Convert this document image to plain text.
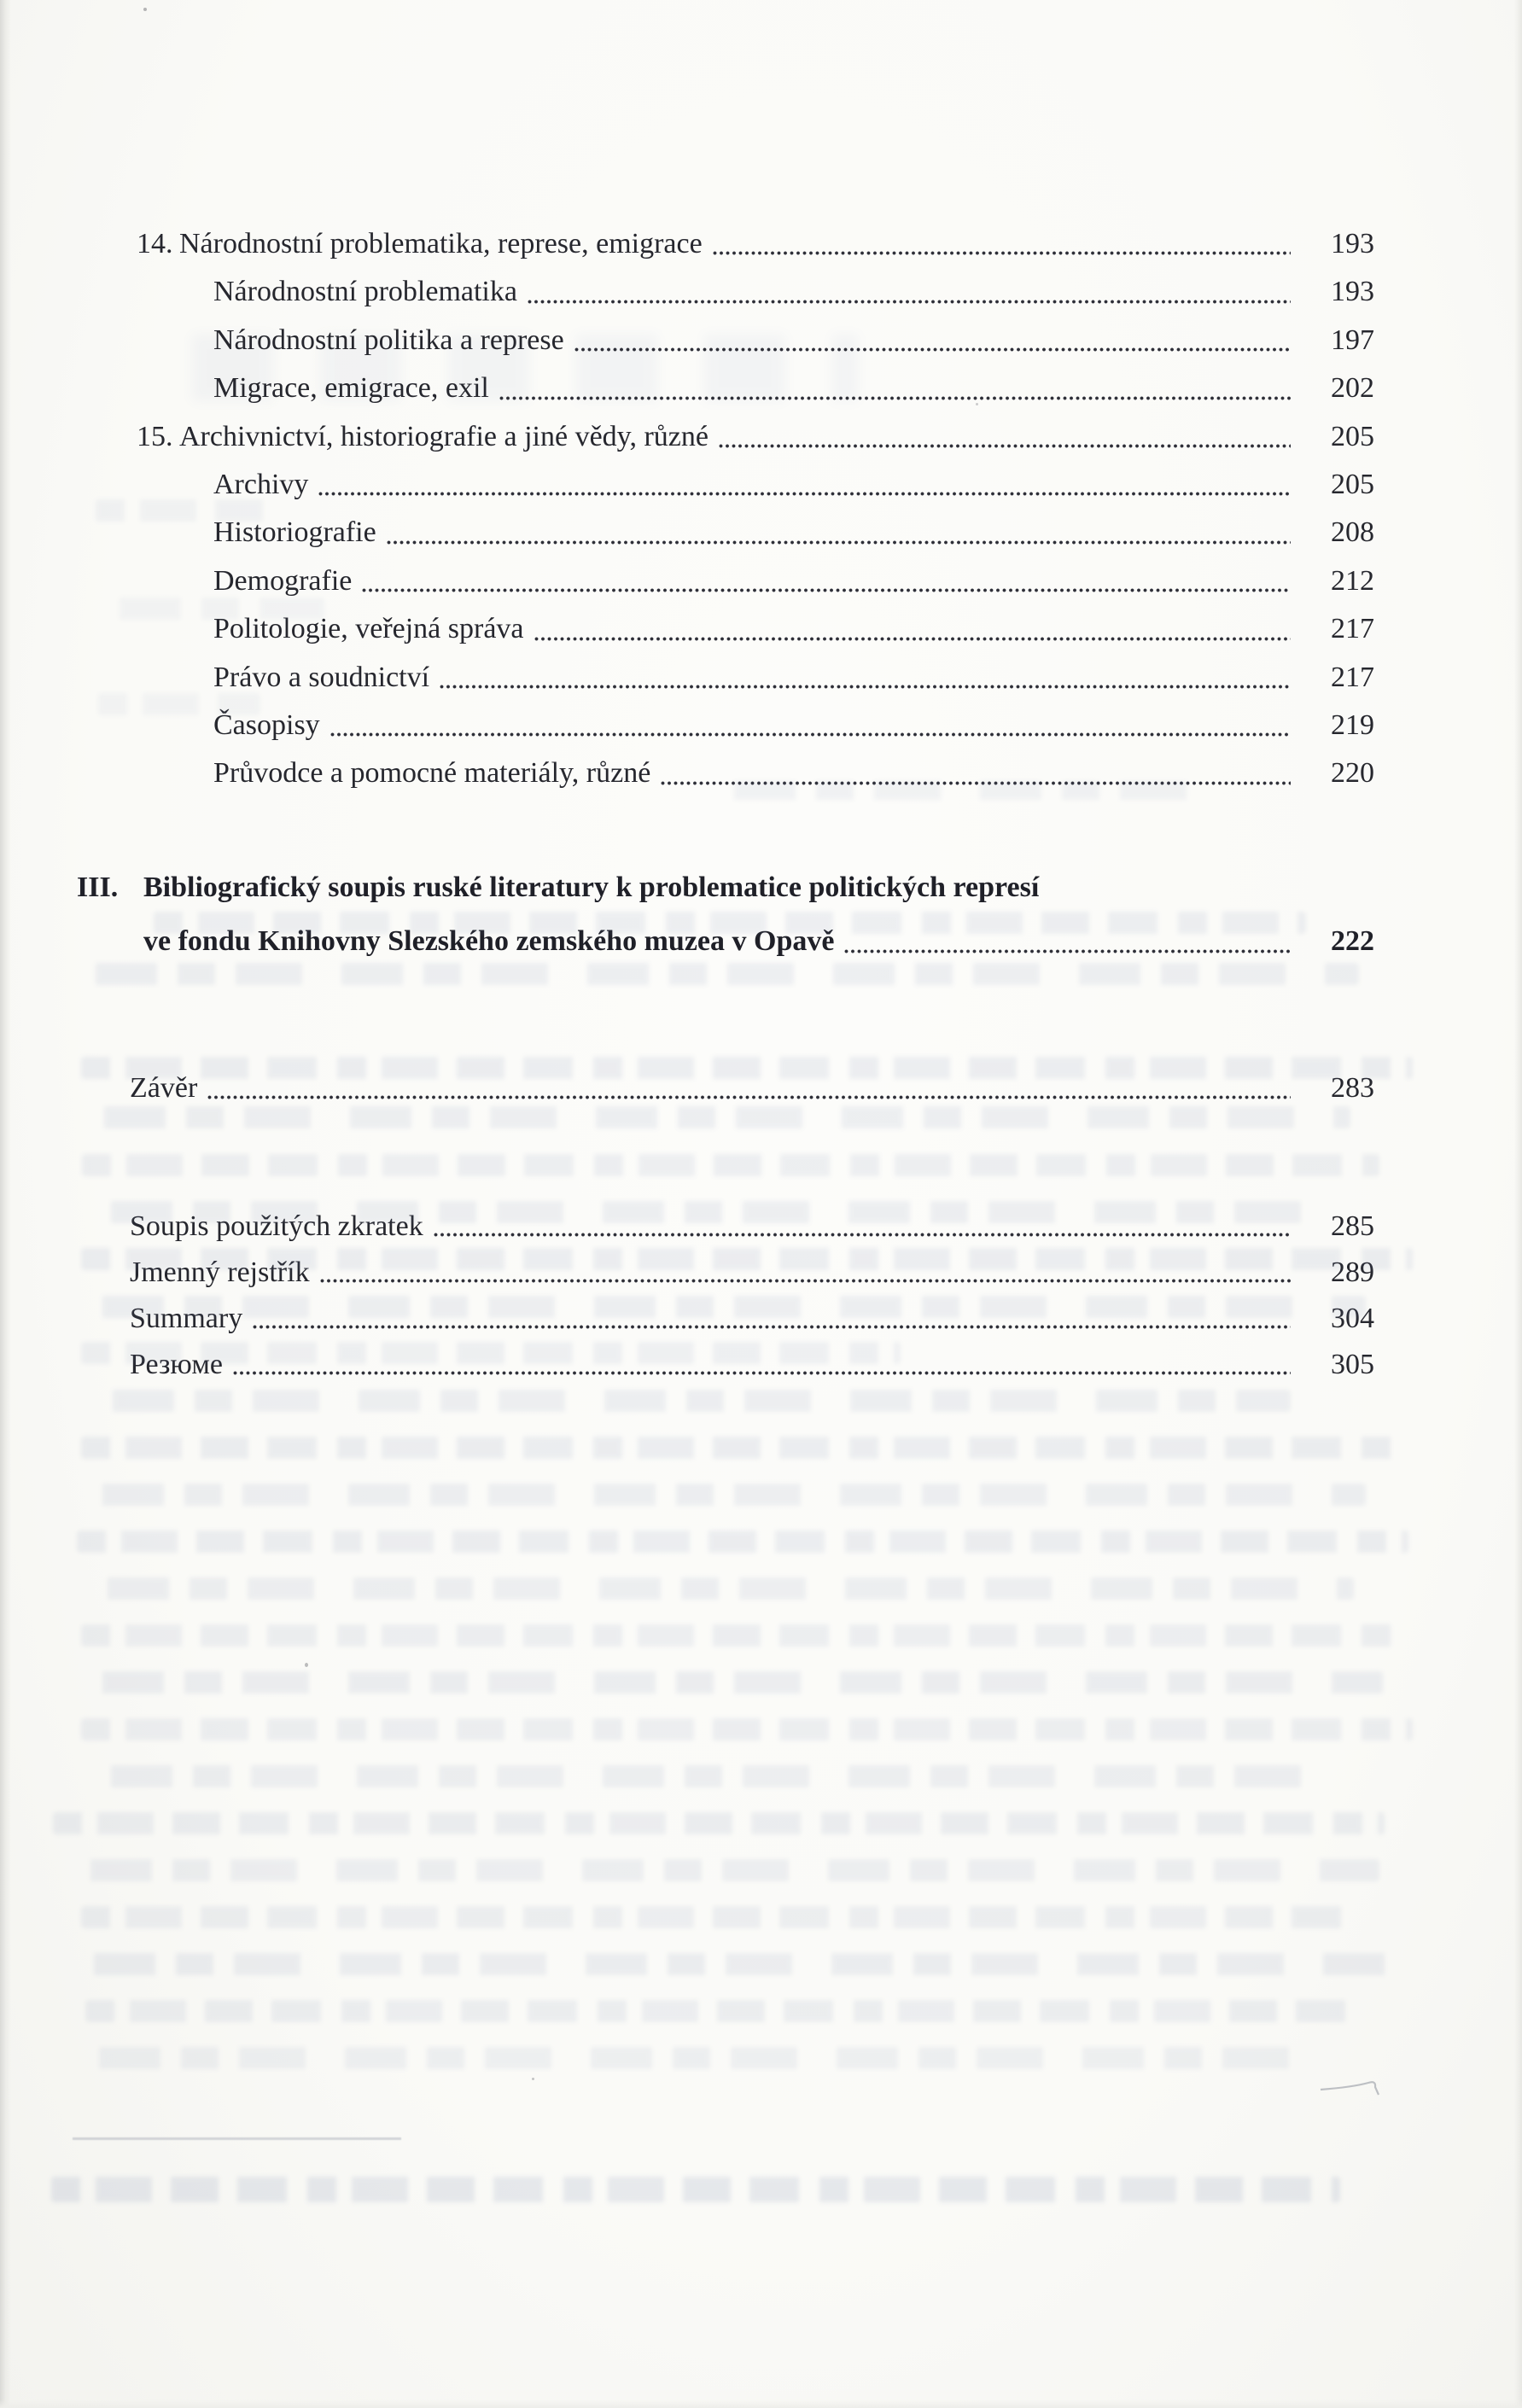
14. Národnostní problematika, represe, emigrace	193
Národnostní problematika	193
Národnostní politika a represe	197
Migrace, emigrace, exil	202
15. Archivnictví, historiografie a jiné vědy, různé	205
Archivy	205
Historiografie	208
Demografie	212
Politologie, veřejná správa	217
Právo a soudnictví	217
Časopisy	219
Průvodce a pomocné materiály, různé	220
III. Bibliografický soupis ruské literatury k problematice politických represí
ve fondu Knihovny Slezského zemského muzea v Opavě	222
Závěr	283
Soupis použitých zkratek	285
Jmenný rejstřík	289
Summary	304
Резюме	305
